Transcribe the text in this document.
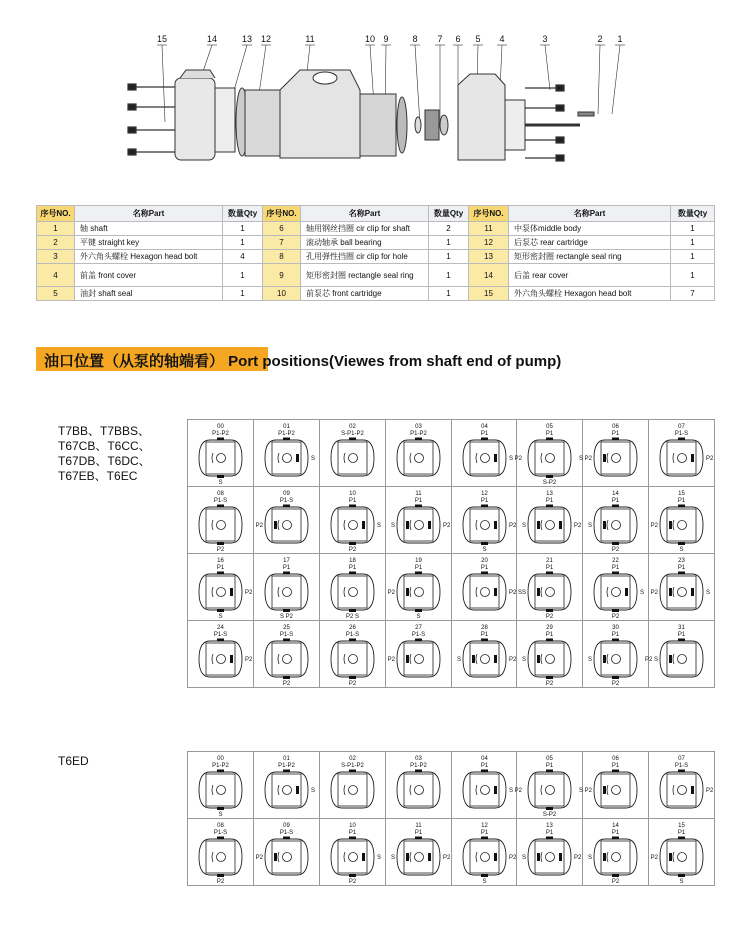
15	14	13 12	11	10 9	8 7 6 5 4	3	2 1
序号NO.	名称Part	数量Qty	序号NO.	名称Part	数量Qty	序号NO.	名称Part	数量Qty
1	轴 shaft	1	6	轴用钢丝挡圈 cir clip for shaft	2	11	中泵体middle body	1
2	平键 straight key	1	7	滚动轴承 ball bearing	1	12	后泵芯 rear cartridge	1
3	外六角头螺栓 Hexagon head bolt	4	8	孔用弹性挡圈 cir clip for hole	1	13	矩形密封圈 rectangle seal ring	1
4	前盖 front cover	1	9	矩形密封圈 rectangle seal ring	1	14	后盖 rear cover	1
5	油封 shaft seal	1	10	前泵芯 front cartridge	1	15	外六角头螺栓 Hexagon head bolt	7
油口位置（从泵的轴端看） Port positions(Viewes from shaft end of pump)
T7BB、T7BBS、
T67CB、T6CC、
T67DB、T6DC、
T67EB、T6EC
00
P1-P2
S
01
P1-P2
S
02
S-P1-P2
03
P1-P2
04
P1
S P2
05
P1
S-P2
06
P1
S P2
07
P1-S
P2
08
P1-S
P2
09
P1-S
P2
10
P1
P2
S
11
P1
S	P2
12
P1
S
P2
13
P1
S	P2
14
P1
P2
S
15
P1
S
P2
16
P1
S
P2
17
P1
S P2
18
P1
P2 S
19
P1
S
P2
20
P1
P2 S
21
P1
P2
S
22
P1
P2
S
23
P1
P2	S
24
P1-S
P2
25
P1-S
P2
26
P1-S
P2
27
P1-S
P2
28
P1
S	P2
29
P1
P2
S
30
P1
P2
S
31
P1
P2 S
T6ED	00
P1-P2
S
01
P1-P2
S
02
S-P1-P2
03
P1-P2
04
P1
S P2
05
P1
S-P2
06
P1
S P2
07
P1-S
P2
08
P1-S
P2
09
P1-S
P2
10
P1
P2
S
11
P1
S	P2
12
P1
S
P2
13
P1
S	P2
14
P1
P2
S
15
P1
S
P2
